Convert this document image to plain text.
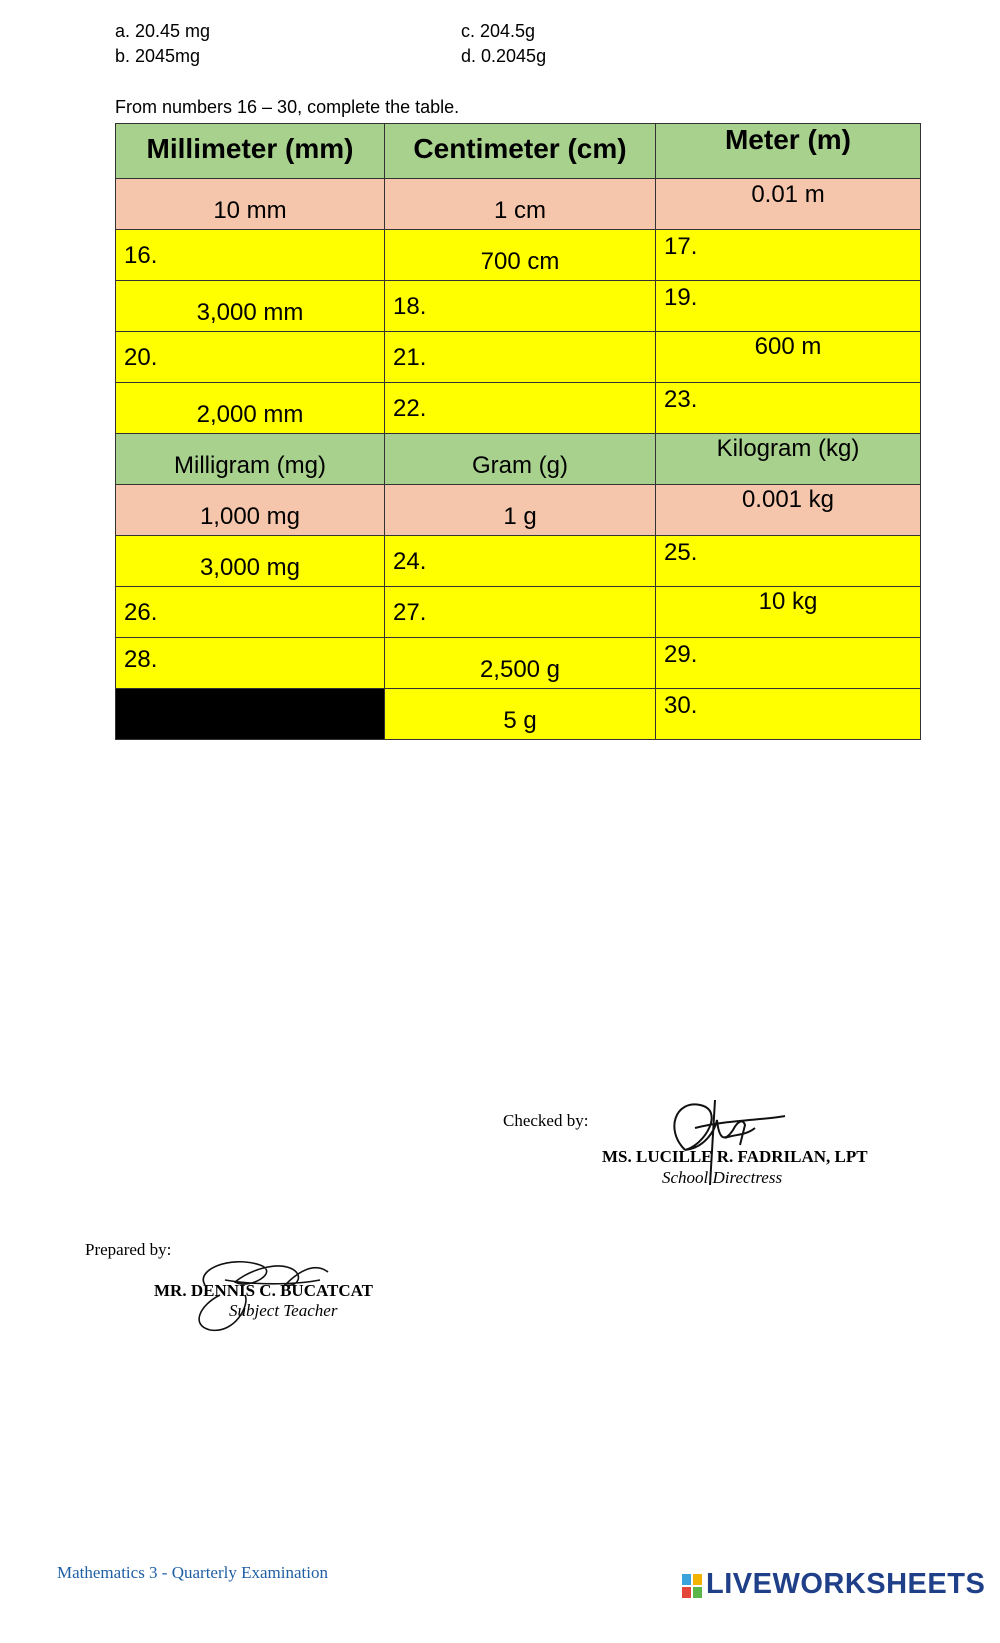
a. 20.45 mg
b. 2045mg
c. 204.5g
d. 0.2045g
From numbers 16 – 30, complete the table.
Millimeter (mm)	Centimeter (cm)	Meter (m)

10 mm	1 cm	0.01 m

16.	700 cm	17.

3,000 mm	18.	19.

20.	21.	600 m

2,000 mm	22.	23.

Milligram (mg)	Gram (g)	Kilogram (kg)

1,000 mg	1 g	0.001 kg

3,000 mg	24.	25.

26.	27.	10 kg

28.	2,500 g	29.

	5 g	30.
Checked by:
MS. LUCILLE R. FADRILAN, LPT
School Directress
Prepared by:
MR. DENNIS C. BUCATCAT
Subject Teacher
Mathematics 3 - Quarterly Examination	LIVEWORKSHEETS
